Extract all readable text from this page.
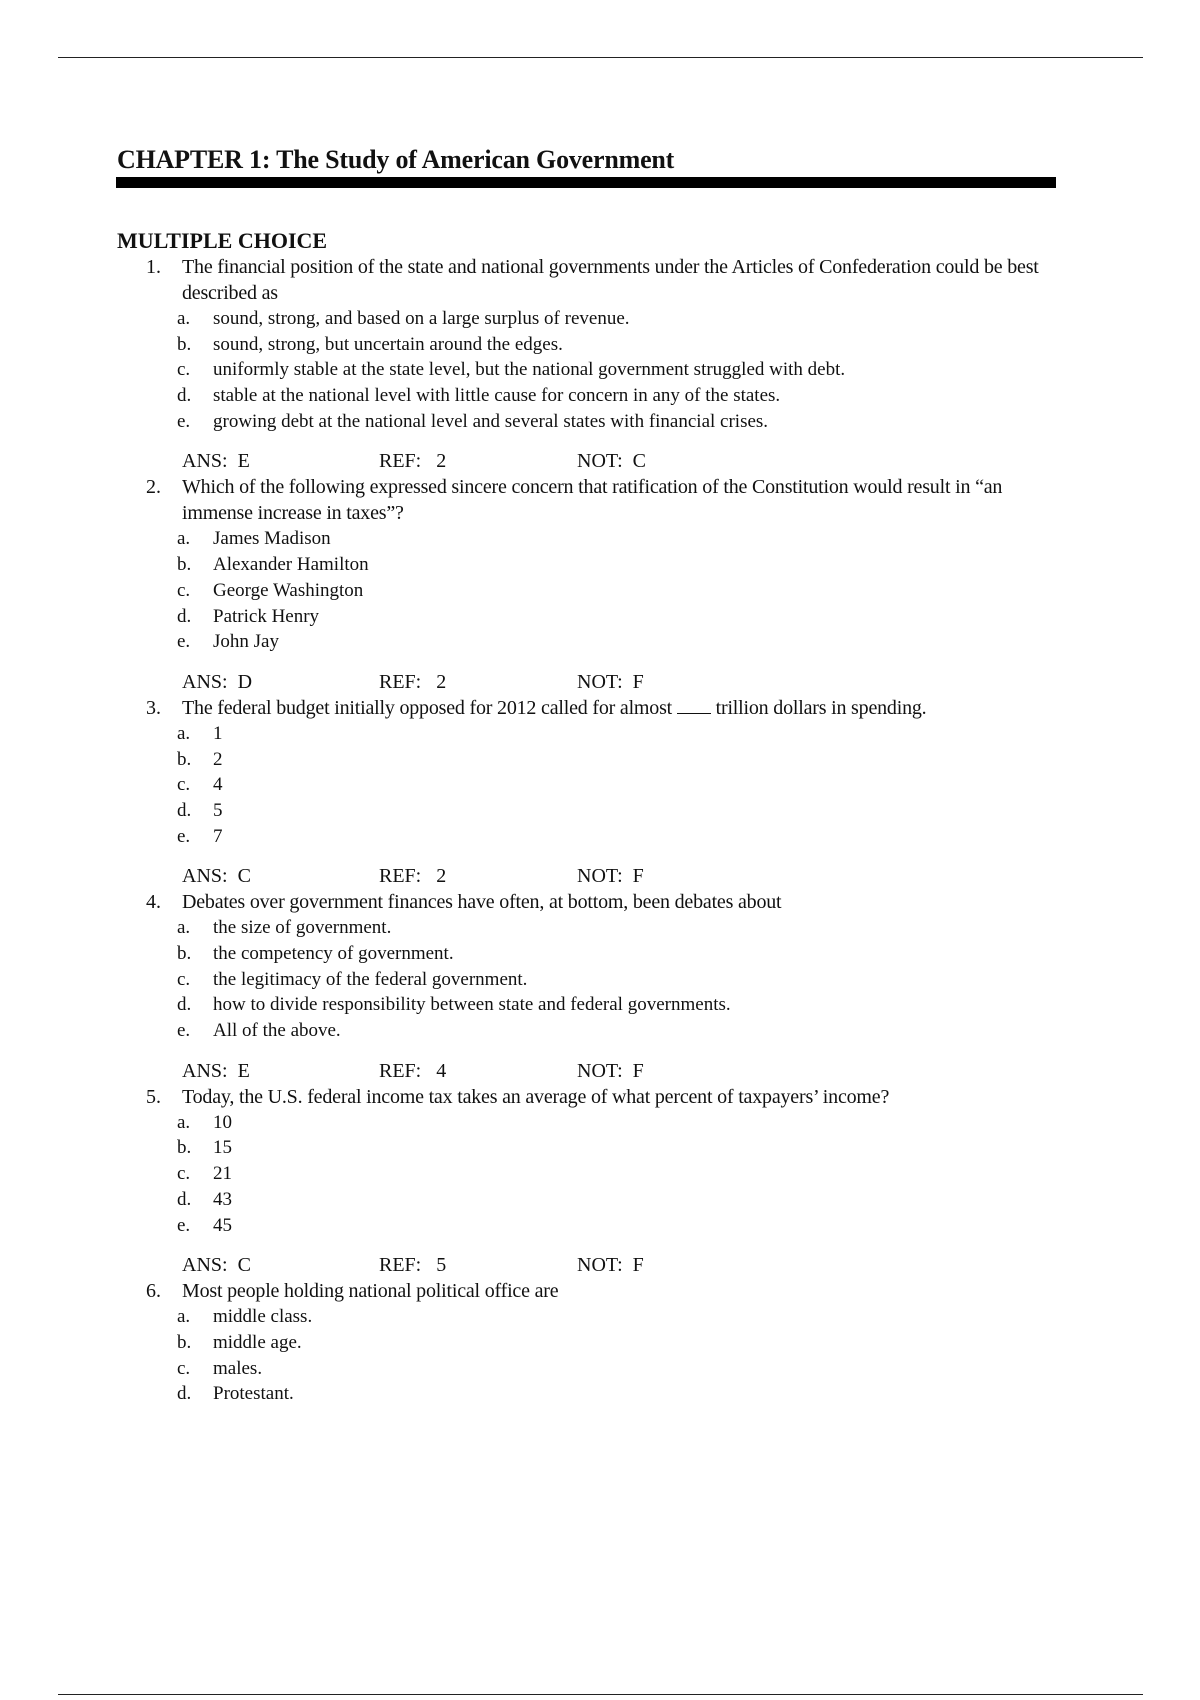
CHAPTER 1: The Study of American Government
MULTIPLE CHOICE
1. The financial position of the state and national governments under the Articles of Confederation could be best described as
a. sound, strong, and based on a large surplus of revenue.
b. sound, strong, but uncertain around the edges.
c. uniformly stable at the state level, but the national government struggled with debt.
d. stable at the national level with little cause for concern in any of the states.
e. growing debt at the national level and several states with financial crises.
ANS:  E	REF:   2	NOT:  C
2. Which of the following expressed sincere concern that ratification of the Constitution would result in “an immense increase in taxes”?
a. James Madison
b. Alexander Hamilton
c. George Washington
d. Patrick Henry
e. John Jay
ANS:  D	REF:   2	NOT:  F
3. The federal budget initially opposed for 2012 called for almost  trillion dollars in spending.
a. 1
b. 2
c. 4
d. 5
e. 7
ANS:  C	REF:   2	NOT:  F
4. Debates over government finances have often, at bottom, been debates about
a. the size of government.
b. the competency of government.
c. the legitimacy of the federal government.
d. how to divide responsibility between state and federal governments.
e. All of the above.
ANS:  E	REF:   4	NOT:  F
5. Today, the U.S. federal income tax takes an average of what percent of taxpayers’ income?
a. 10
b. 15
c. 21
d. 43
e. 45
ANS:  C	REF:   5	NOT:  F
6. Most people holding national political office are
a. middle class.
b. middle age.
c. males.
d. Protestant.
